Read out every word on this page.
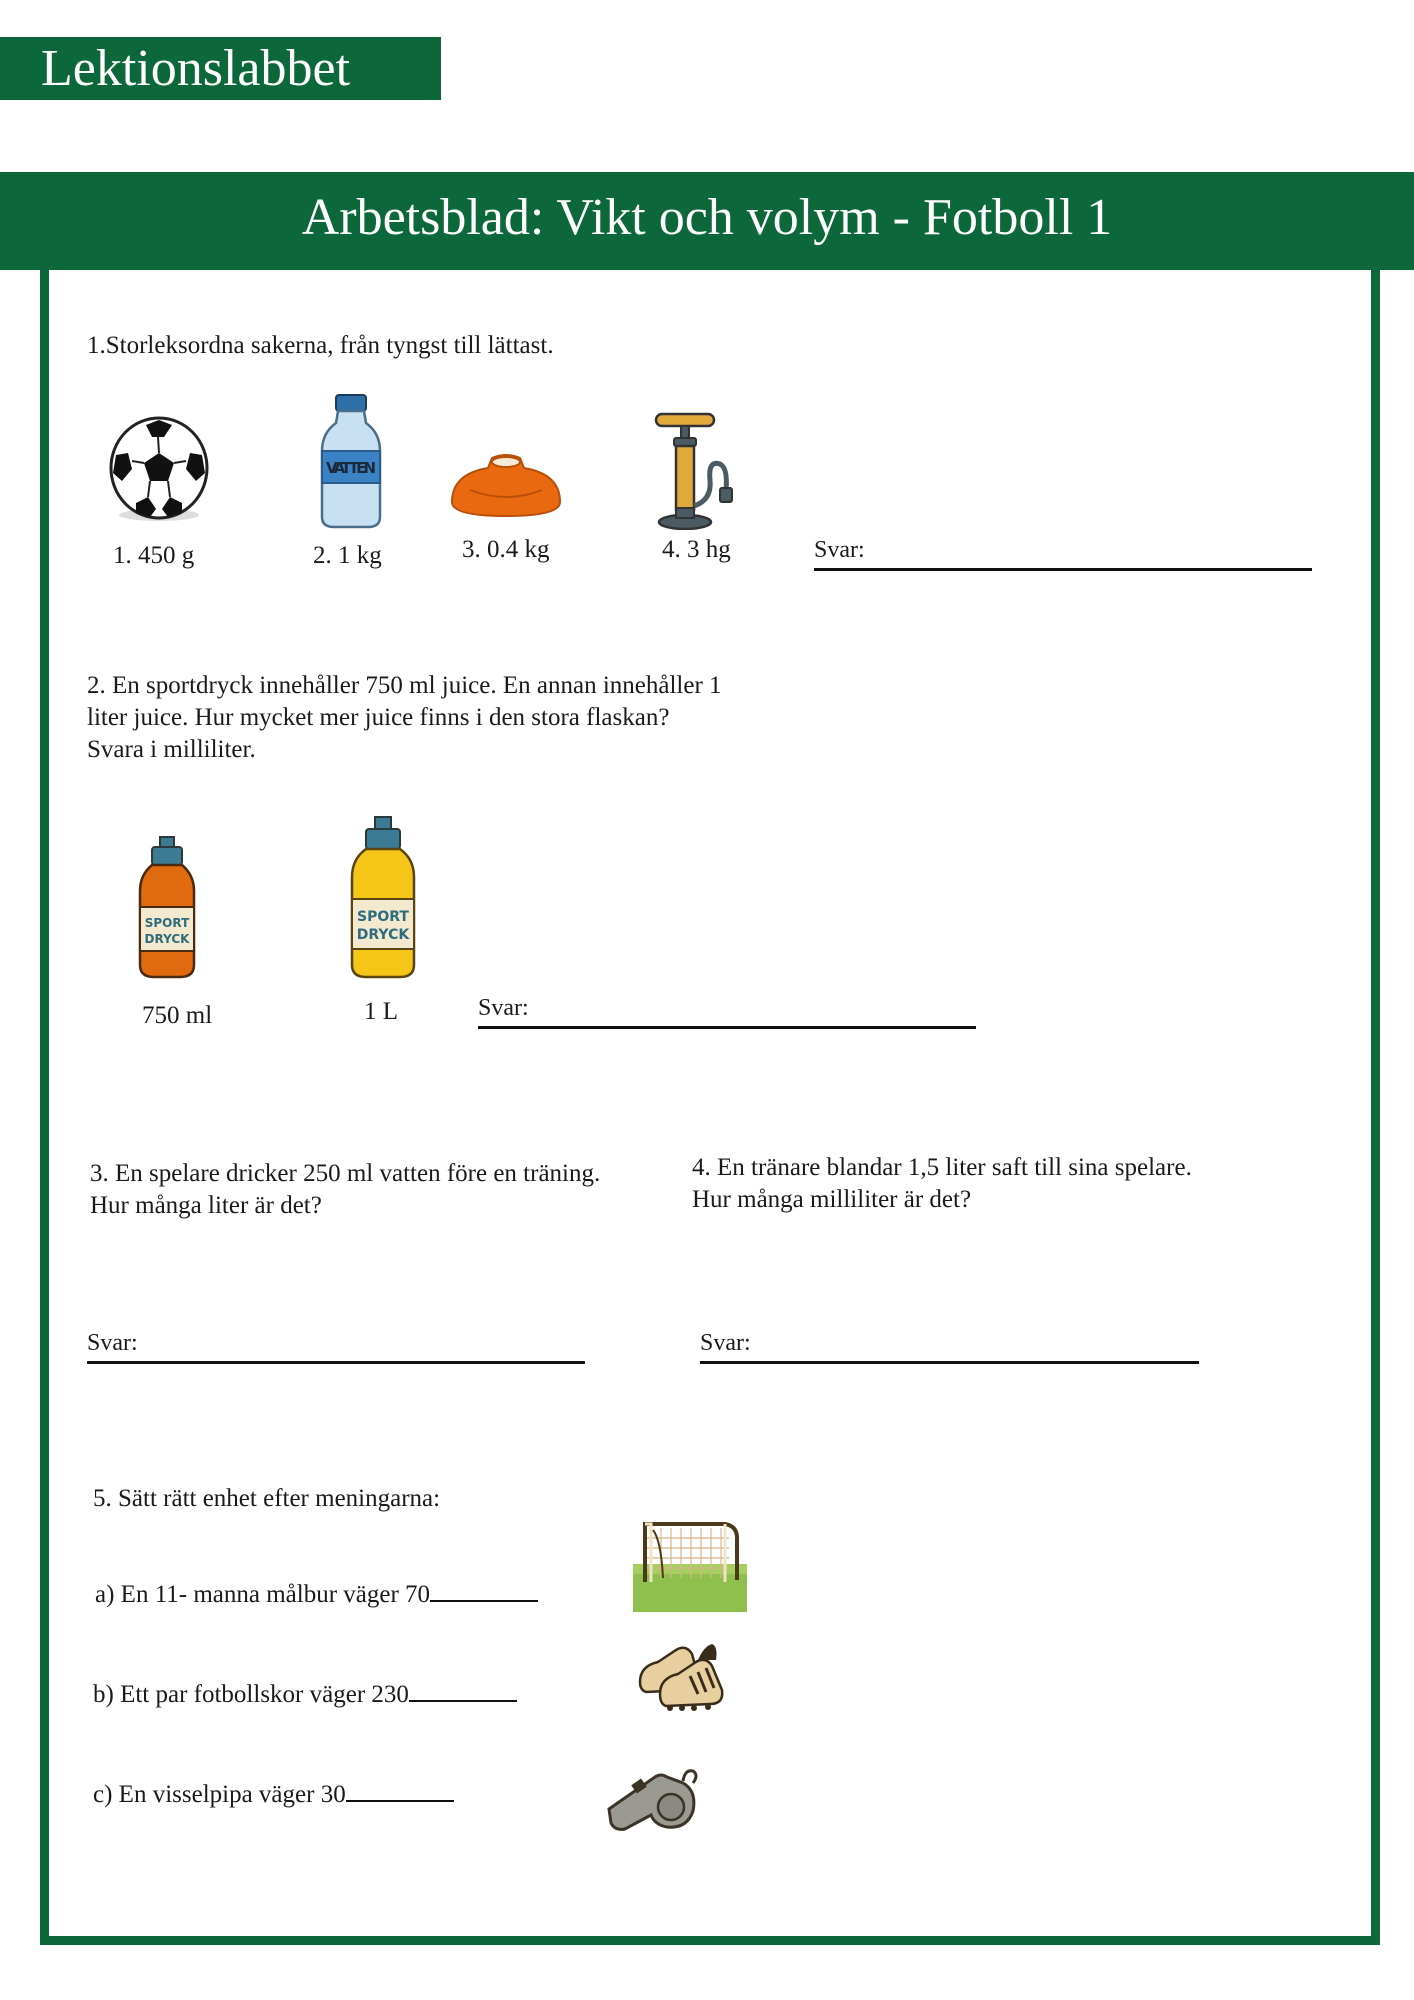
Lektionslabbet
Arbetsblad: Vikt och volym - Fotboll 1
1.Storleksordna sakerna, från tyngst till lättast.
VATTEN
1. 450 g	2. 1 kg	3. 0.4 kg	4. 3 hg	Svar:
2. En sportdryck innehåller 750 ml juice. En annan innehåller 1 liter juice. Hur mycket mer juice finns i den stora flaskan? Svara i milliliter.
SPORT
DRYCK
SPORT
DRYCK
750 ml	1 L	Svar:
3. En spelare dricker 250 ml vatten före en träning. Hur många liter är det?
4. En tränare blandar 1,5 liter saft till sina spelare. Hur många milliliter är det?
Svar:	Svar:
5. Sätt rätt enhet efter meningarna:
a) En 11- manna målbur väger 70
b) Ett par fotbollskor väger 230
c) En visselpipa väger 30
